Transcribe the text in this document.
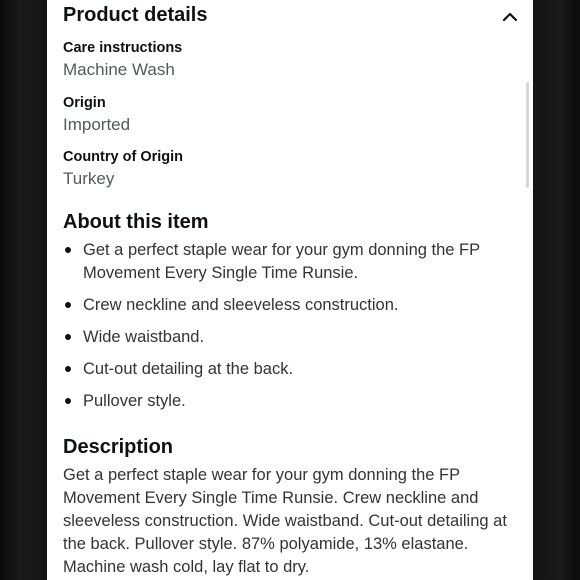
Product details
Care instructions
Machine Wash
Origin
Imported
Country of Origin
Turkey
About this item
Get a perfect staple wear for your gym donning the FP Movement Every Single Time Runsie.
Crew neckline and sleeveless construction.
Wide waistband.
Cut-out detailing at the back.
Pullover style.
Description
Get a perfect staple wear for your gym donning the FP Movement Every Single Time Runsie. Crew neckline and sleeveless construction. Wide waistband. Cut-out detailing at the back. Pullover style. 87% polyamide, 13% elastane. Machine wash cold, lay flat to dry.
